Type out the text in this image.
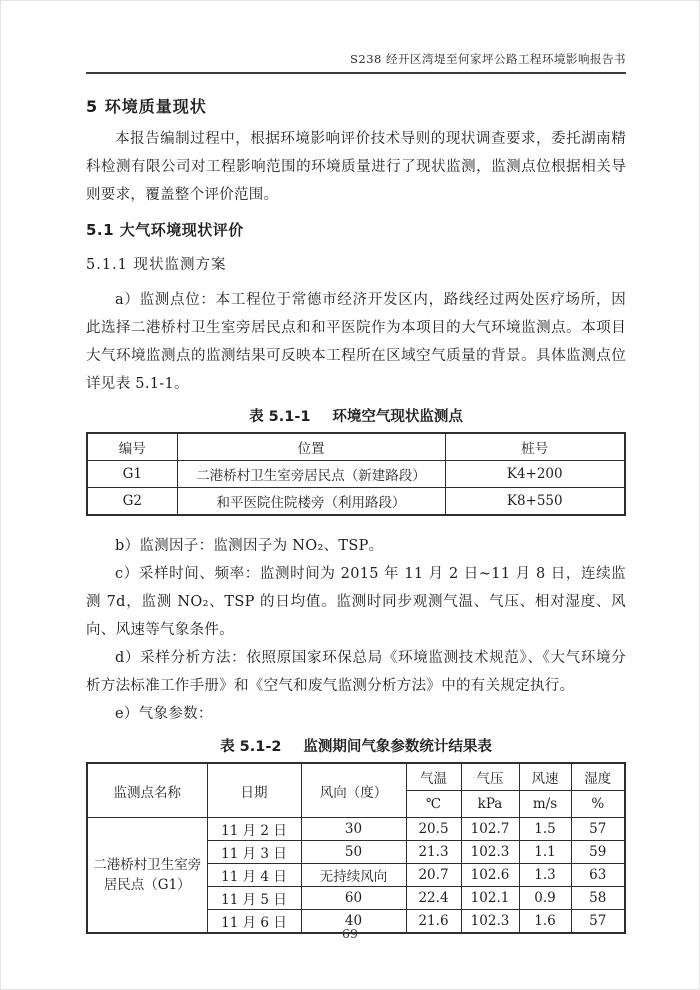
S238 经开区湾堤至何家坪公路工程环境影响报告书
5 环境质量现状

本报告编制过程中，根据环境影响评价技术导则的现状调查要求，委托湖南精科检测有限公司对工程影响范围的环境质量进行了现状监测，监测点位根据相关导则要求，覆盖整个评价范围。

5.1 大气环境现状评价
5.1.1 现状监测方案

a）监测点位：本工程位于常德市经济开发区内，路线经过两处医疗场所，因此选择二港桥村卫生室旁居民点和和平医院作为本项目的大气环境监测点。本项目大气环境监测点的监测结果可反映本工程所在区域空气质量的背景。具体监测点位详见表 5.1-1。

表 5.1-1 环境空气现状监测点
编号	位置	桩号
G1	二港桥村卫生室旁居民点（新建路段）	K4+200
G2	和平医院住院楼旁（利用路段）	K8+550

b）监测因子：监测因子为 NO₂、TSP。

c）采样时间、频率：监测时间为 2015 年 11 月 2 日~11 月 8 日，连续监测 7d，监测 NO₂、TSP 的日均值。监测时同步观测气温、气压、相对湿度、风向、风速等气象条件。

d）采样分析方法：依照原国家环保总局《环境监测技术规范》、《大气环境分析方法标准工作手册》和《空气和废气监测分析方法》中的有关规定执行。

e）气象参数：

表 5.1-2 监测期间气象参数统计结果表
监测点名称	日期	风向（度）	气温	气压	风速	湿度
			℃	kPa	m/s	%
二港桥村卫生室旁居民点（G1）	11 月 2 日	30	20.5	102.7	1.5	57
	11 月 3 日	50	21.3	102.3	1.1	59
	11 月 4 日	无持续风向	20.7	102.6	1.3	63
	11 月 5 日	60	22.4	102.1	0.9	58
	11 月 6 日	40	21.6	102.3	1.6	57
69
